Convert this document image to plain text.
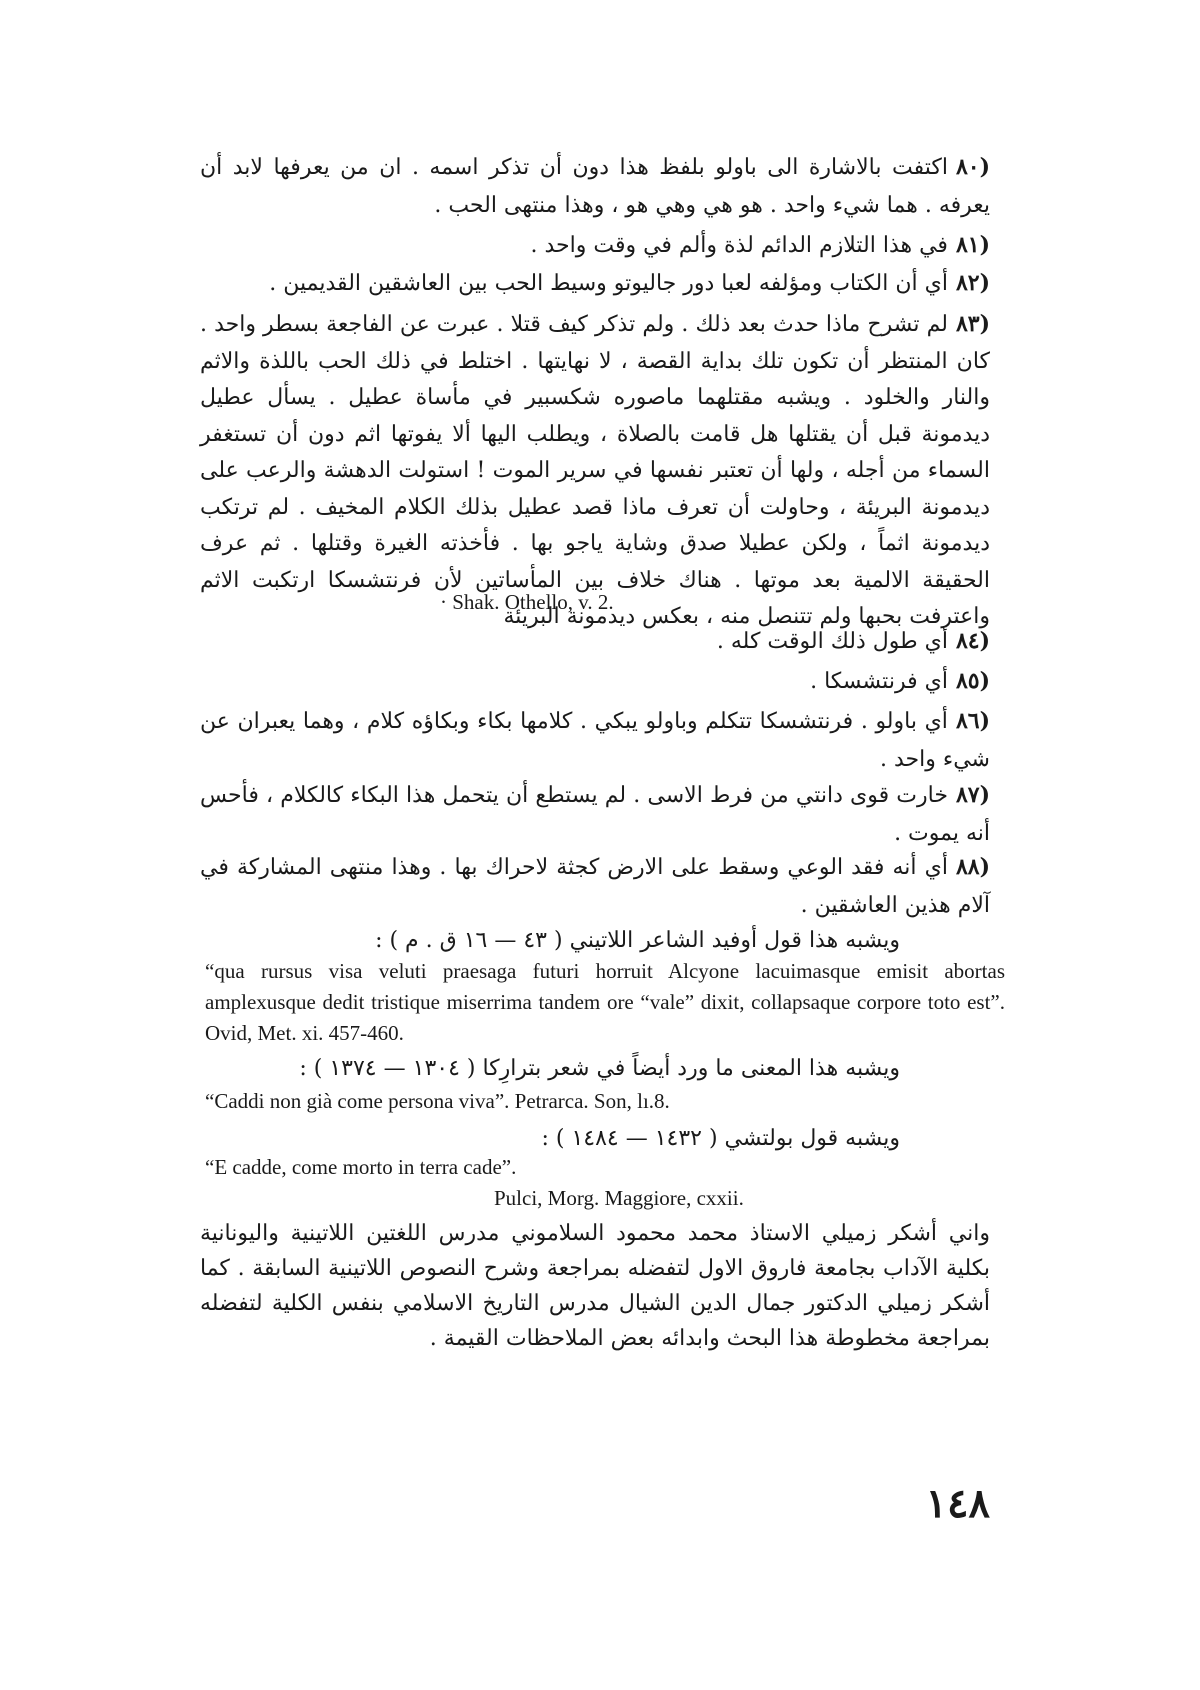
(٨٠اكتفت بالاشارة الى باولو بلفظ هذا دون أن تذكر اسمه . ان من يعرفها لابد أن يعرفه . هما شيء واحد . هو هي وهي هو ، وهذا منتهى الحب .
(٨١في هذا التلازم الدائم لذة وألم في وقت واحد .
(٨٢أي أن الكتاب ومؤلفه لعبا دور جاليوتو وسيط الحب بين العاشقين القديمين .
(٨٣لم تشرح ماذا حدث بعد ذلك . ولم تذكر كيف قتلا . عبرت عن الفاجعة بسطر واحد . كان المنتظر أن تكون تلك بداية القصة ، لا نهايتها . اختلط في ذلك الحب باللذة والاثم والنار والخلود . ويشبه مقتلهما ماصوره شكسبير في مأساة عطيل . يسأل عطيل ديدمونة قبل أن يقتلها هل قامت بالصلاة ، ويطلب اليها ألا يفوتها اثم دون أن تستغفر السماء من أجله ، ولها أن تعتبر نفسها في سرير الموت ! استولت الدهشة والرعب على ديدمونة البريئة ، وحاولت أن تعرف ماذا قصد عطيل بذلك الكلام المخيف . لم ترتكب ديدمونة اثماً ، ولكن عطيلا صدق وشاية ياجو بها . فأخذته الغيرة وقتلها . ثم عرف الحقيقة الالمية بعد موتها . هناك خلاف بين المأساتين لأن فرنتشسكا ارتكبت الاثم واعترفت بحبها ولم تتنصل منه ، بعكس ديدمونة البريئة
· Shak. Othello, v. 2.
(٨٤أي طول ذلك الوقت كله .
(٨٥أي فرنتشسكا .
(٨٦أي باولو . فرنتشسكا تتكلم وباولو يبكي . كلامها بكاء وبكاؤه كلام ، وهما يعبران عن شيء واحد .
(٨٧خارت قوى دانتي من فرط الاسى . لم يستطع أن يتحمل هذا البكاء كالكلام ، فأحس أنه يموت .
(٨٨أي أنه فقد الوعي وسقط على الارض كجثة لاحراك بها . وهذا منتهى المشاركة في آلام هذين العاشقين .
ويشبه هذا قول أوفيد الشاعر اللاتيني ( ٤٣ — ١٦ ق . م ) :
“qua rursus visa veluti praesaga futuri horruit Alcyone lacuimasque emisit abortas amplexusque dedit tristique miserrima tandem ore “vale” dixit, collapsaque corpore toto est”. Ovid, Met. xi. 457-460.
ويشبه هذا المعنى ما ورد أيضاً في شعر بترارِكا ( ١٣٠٤ — ١٣٧٤ ) :
“Caddi non già come persona viva”. Petrarca. Son, lı.8.
ويشبه قول بولتشي ( ١٤٣٢ — ١٤٨٤ ) :
“E cadde, come morto in terra cade”.
Pulci, Morg. Maggiore, cxxii.
واني أشكر زميلي الاستاذ محمد محمود السلاموني مدرس اللغتين اللاتينية واليونانية بكلية الآداب بجامعة فاروق الاول لتفضله بمراجعة وشرح النصوص اللاتينية السابقة . كما أشكر زميلي الدكتور جمال الدين الشيال مدرس التاريخ الاسلامي بنفس الكلية لتفضله بمراجعة مخطوطة هذا البحث وابدائه بعض الملاحظات القيمة .
١٤٨
